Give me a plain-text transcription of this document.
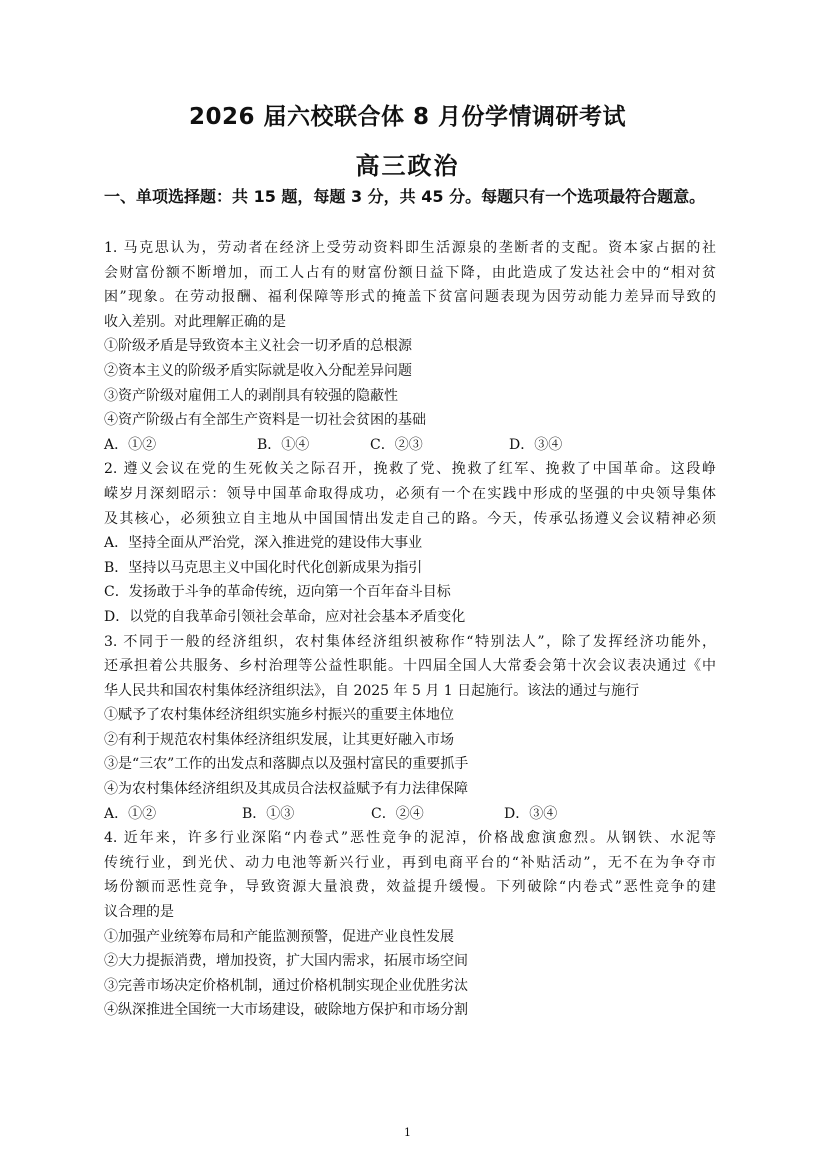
2026 届六校联合体 8 月份学情调研考试
高三政治
一、单项选择题：共 15 题，每题 3 分，共 45 分。每题只有一个选项最符合题意。
1. 马克思认为，劳动者在经济上受劳动资料即生活源泉的垄断者的支配。资本家占据的社
会财富份额不断增加，而工人占有的财富份额日益下降，由此造成了发达社会中的“相对贫
困”现象。在劳动报酬、福利保障等形式的掩盖下贫富问题表现为因劳动能力差异而导致的
收入差别。对此理解正确的是
①阶级矛盾是导致资本主义社会一切矛盾的总根源
②资本主义的阶级矛盾实际就是收入分配差异问题
③资产阶级对雇佣工人的剥削具有较强的隐蔽性
④资产阶级占有全部生产资料是一切社会贫困的基础
A．①②	B．①④	C．②③	D．③④
2. 遵义会议在党的生死攸关之际召开，挽救了党、挽救了红军、挽救了中国革命。这段峥
嵘岁月深刻昭示：领导中国革命取得成功，必须有一个在实践中形成的坚强的中央领导集体
及其核心，必须独立自主地从中国国情出发走自己的路。今天，传承弘扬遵义会议精神必须
A．坚持全面从严治党，深入推进党的建设伟大事业
B．坚持以马克思主义中国化时代化创新成果为指引
C．发扬敢于斗争的革命传统，迈向第一个百年奋斗目标
D．以党的自我革命引领社会革命，应对社会基本矛盾变化
3. 不同于一般的经济组织，农村集体经济组织被称作“特别法人”，除了发挥经济功能外，
还承担着公共服务、乡村治理等公益性职能。十四届全国人大常委会第十次会议表决通过《中
华人民共和国农村集体经济组织法》，自 2025 年 5 月 1 日起施行。该法的通过与施行
①赋予了农村集体经济组织实施乡村振兴的重要主体地位
②有利于规范农村集体经济组织发展，让其更好融入市场
③是“三农”工作的出发点和落脚点以及强村富民的重要抓手
④为农村集体经济组织及其成员合法权益赋予有力法律保障
A．①②	B．①③	C．②④	D．③④
4. 近年来，许多行业深陷“内卷式”恶性竞争的泥淖，价格战愈演愈烈。从钢铁、水泥等
传统行业，到光伏、动力电池等新兴行业，再到电商平台的“补贴活动”，无不在为争夺市
场份额而恶性竞争，导致资源大量浪费，效益提升缓慢。下列破除“内卷式”恶性竞争的建
议合理的是
①加强产业统筹布局和产能监测预警，促进产业良性发展
②大力提振消费，增加投资，扩大国内需求，拓展市场空间
③完善市场决定价格机制，通过价格机制实现企业优胜劣汰
④纵深推进全国统一大市场建设，破除地方保护和市场分割
1
